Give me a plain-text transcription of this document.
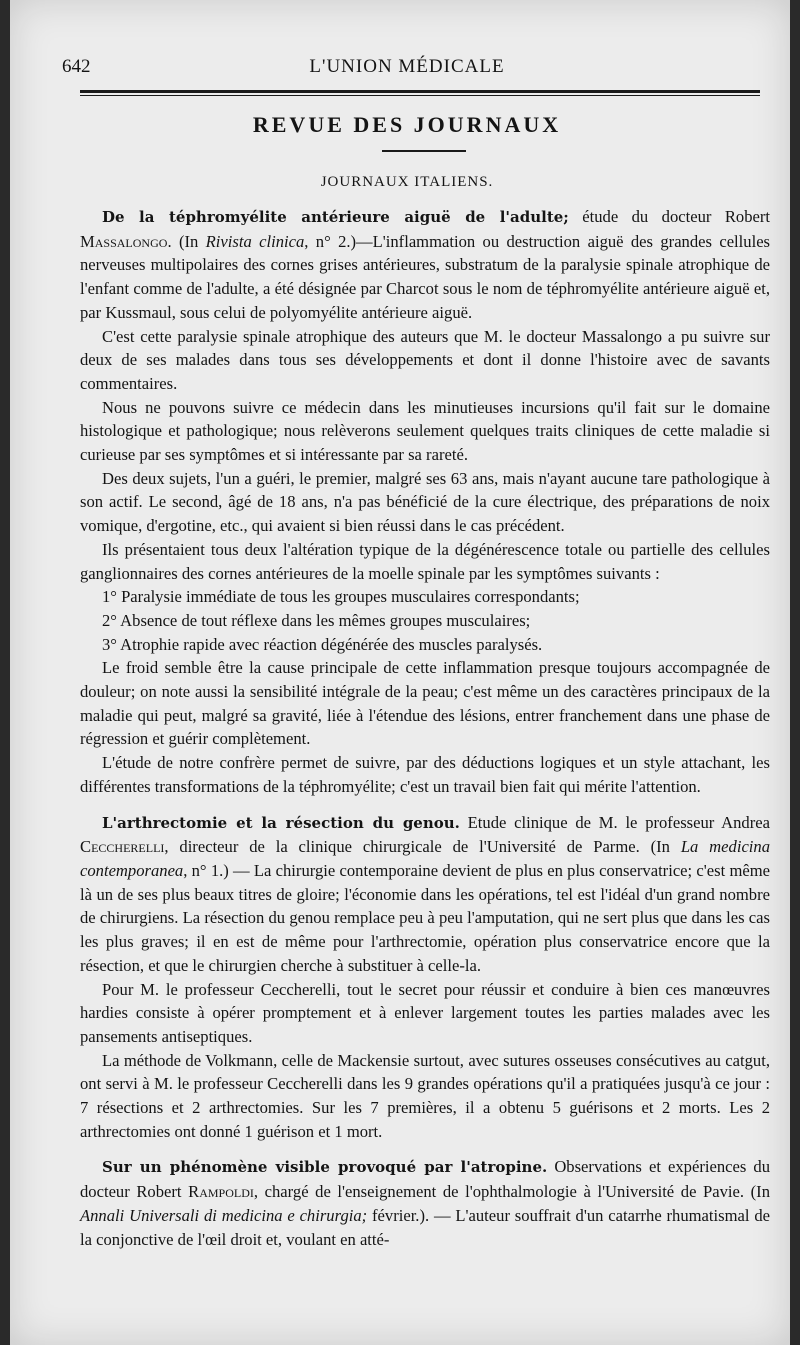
642	L'UNION MÉDICALE
REVUE DES JOURNAUX
JOURNAUX ITALIENS.

De la téphromyélite antérieure aiguë de l'adulte; étude du docteur Robert Massalongo. (In Rivista clinica, n° 2.)—L'inflammation ou destruction aiguë des grandes cellules nerveuses multipolaires des cornes grises antérieures, substratum de la paralysie spinale atrophique de l'enfant comme de l'adulte, a été désignée par Charcot sous le nom de téphromyélite antérieure aiguë et, par Kussmaul, sous celui de polyomyélite antérieure aiguë.

C'est cette paralysie spinale atrophique des auteurs que M. le docteur Massalongo a pu suivre sur deux de ses malades dans tous ses développements et dont il donne l'histoire avec de savants commentaires.

Nous ne pouvons suivre ce médecin dans les minutieuses incursions qu'il fait sur le domaine histologique et pathologique; nous relèverons seulement quelques traits cliniques de cette maladie si curieuse par ses symptômes et si intéressante par sa rareté.

Des deux sujets, l'un a guéri, le premier, malgré ses 63 ans, mais n'ayant aucune tare pathologique à son actif. Le second, âgé de 18 ans, n'a pas bénéficié de la cure électrique, des préparations de noix vomique, d'ergotine, etc., qui avaient si bien réussi dans le cas précédent.

Ils présentaient tous deux l'altération typique de la dégénérescence totale ou partielle des cellules ganglionnaires des cornes antérieures de la moelle spinale par les symptômes suivants :

1° Paralysie immédiate de tous les groupes musculaires correspondants;

2° Absence de tout réflexe dans les mêmes groupes musculaires;

3° Atrophie rapide avec réaction dégénérée des muscles paralysés.

Le froid semble être la cause principale de cette inflammation presque toujours accompagnée de douleur; on note aussi la sensibilité intégrale de la peau; c'est même un des caractères principaux de la maladie qui peut, malgré sa gravité, liée à l'étendue des lésions, entrer franchement dans une phase de régression et guérir complètement.

L'étude de notre confrère permet de suivre, par des déductions logiques et un style attachant, les différentes transformations de la téphromyélite; c'est un travail bien fait qui mérite l'attention.

L'arthrectomie et la résection du genou. Etude clinique de M. le professeur Andrea Ceccherelli, directeur de la clinique chirurgicale de l'Université de Parme. (In La medicina contemporanea, n° 1.) — La chirurgie contemporaine devient de plus en plus conservatrice; c'est même là un de ses plus beaux titres de gloire; l'économie dans les opérations, tel est l'idéal d'un grand nombre de chirurgiens. La résection du genou remplace peu à peu l'amputation, qui ne sert plus que dans les cas les plus graves; il en est de même pour l'arthrectomie, opération plus conservatrice encore que la résection, et que le chirurgien cherche à substituer à celle-la.

Pour M. le professeur Ceccherelli, tout le secret pour réussir et conduire à bien ces manœuvres hardies consiste à opérer promptement et à enlever largement toutes les parties malades avec les pansements antiseptiques.

La méthode de Volkmann, celle de Mackensie surtout, avec sutures osseuses consécutives au catgut, ont servi à M. le professeur Ceccherelli dans les 9 grandes opérations qu'il a pratiquées jusqu'à ce jour : 7 résections et 2 arthrectomies. Sur les 7 premières, il a obtenu 5 guérisons et 2 morts. Les 2 arthrectomies ont donné 1 guérison et 1 mort.

Sur un phénomène visible provoqué par l'atropine. Observations et expériences du docteur Robert Rampoldi, chargé de l'enseignement de l'ophthalmologie à l'Université de Pavie. (In Annali Universali di medicina e chirurgia; février.). — L'auteur souffrait d'un catarrhe rhumatismal de la conjonctive de l'œil droit et, voulant en atté-
